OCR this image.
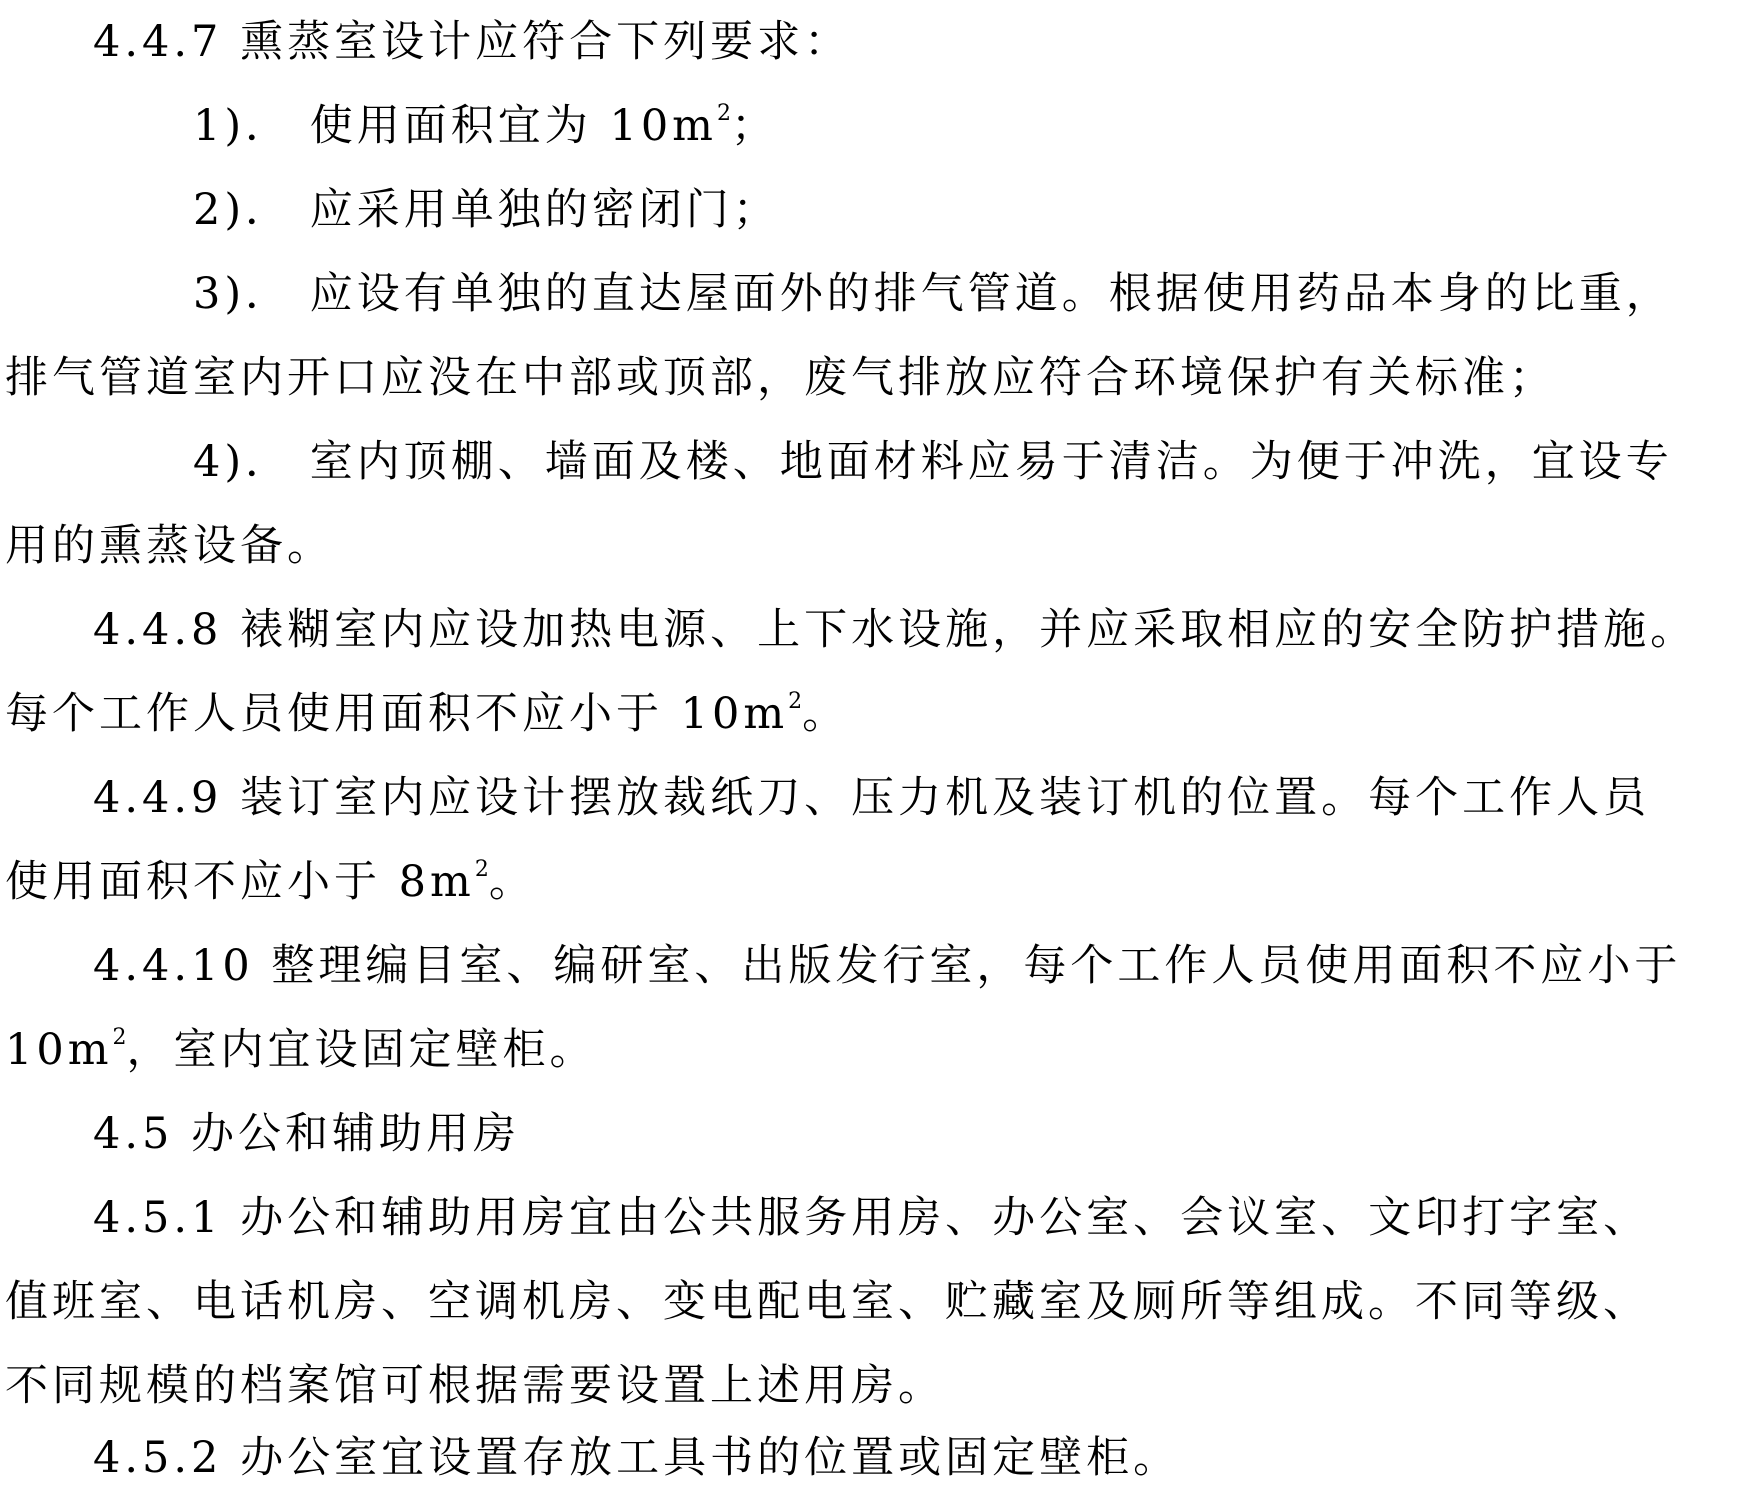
4.4.7 熏蒸室设计应符合下列要求：
1)． 使用面积宜为 $10m^2$；
2)． 应采用单独的密闭门；
3)． 应设有单独的直达屋面外的排气管道。根据使用药品本身的比重，
排气管道室内开口应没在中部或顶部，废气排放应符合环境保护有关标准；
4)． 室内顶棚、墙面及楼、地面材料应易于清洁。为便于冲洗，宜设专
用的熏蒸设备。
4.4.8 裱糊室内应设加热电源、上下水设施，并应采取相应的安全防护措施。
每个工作人员使用面积不应小于 $10m^2$。
4.4.9 装订室内应设计摆放裁纸刀、压力机及装订机的位置。每个工作人员
使用面积不应小于 $8m^2$。
4.4.10 整理编目室、编研室、出版发行室，每个工作人员使用面积不应小于
$10m^2$，室内宜设固定壁柜。
4.5 办公和辅助用房
4.5.1 办公和辅助用房宜由公共服务用房、办公室、会议室、文印打字室、
值班室、电话机房、空调机房、变电配电室、贮藏室及厕所等组成。不同等级、
不同规模的档案馆可根据需要设置上述用房。
4.5.2 办公室宜设置存放工具书的位置或固定壁柜。
